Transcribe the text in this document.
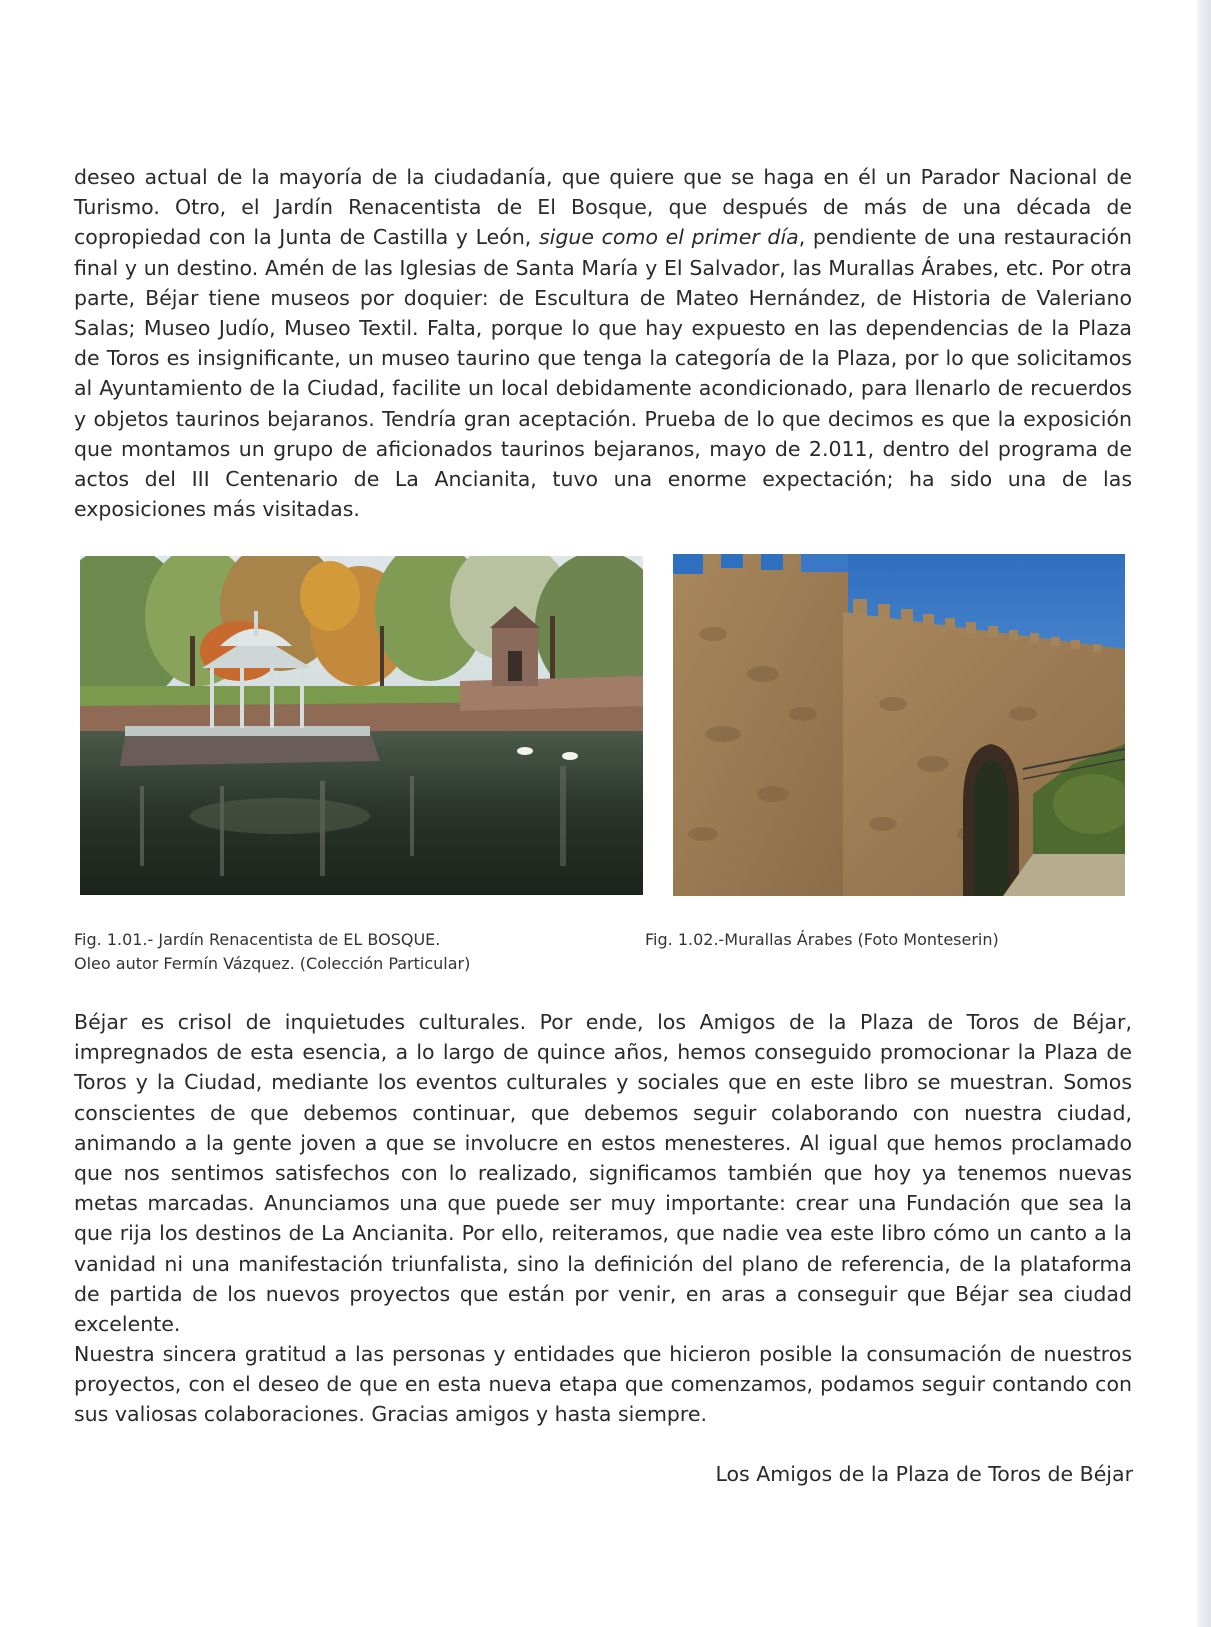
deseo actual de la mayoría de la ciudadanía, que quiere que se haga en él un Parador Nacional de Turismo. Otro, el Jardín Renacentista de El Bosque, que después de más de una década de copropiedad con la Junta de Castilla y León, sigue como el primer día, pendiente de una restauración final y un destino. Amén de las Iglesias de Santa María y El Salvador, las Murallas Árabes, etc. Por otra parte, Béjar tiene museos por doquier: de Escultura de Mateo Hernández, de Historia de Valeriano Salas; Museo Judío, Museo Textil. Falta, porque lo que hay expuesto en las dependencias de la Plaza de Toros es insignificante, un museo taurino que tenga la categoría de la Plaza, por lo que solicitamos al Ayuntamiento de la Ciudad, facilite un local debidamente acondicionado, para llenarlo de recuerdos y objetos taurinos bejaranos. Tendría gran aceptación. Prueba de lo que decimos es que la exposición que montamos un grupo de aficionados taurinos bejaranos, mayo de 2.011, dentro del programa de actos del III Centenario de La Ancianita, tuvo una enorme expectación; ha sido una de las exposiciones más visitadas.

Fig. 1.01.- Jardín Renacentista de EL BOSQUE.
Oleo autor Fermín Vázquez. (Colección Particular)

Fig. 1.02.-Murallas Árabes (Foto Monteserin)

Béjar es crisol de inquietudes culturales. Por ende, los Amigos de la Plaza de Toros de Béjar, impregnados de esta esencia, a lo largo de quince años, hemos conseguido promocionar la Plaza de Toros y la Ciudad, mediante los eventos culturales y sociales que en este libro se muestran. Somos conscientes de que debemos continuar, que debemos seguir colaborando con nuestra ciudad, animando a la gente joven a que se involucre en estos menesteres. Al igual que hemos proclamado que nos sentimos satisfechos con lo realizado, significamos también que hoy ya tenemos nuevas metas marcadas. Anunciamos una que puede ser muy importante: crear una Fundación que sea la que rija los destinos de La Ancianita. Por ello, reiteramos, que nadie vea este libro cómo un canto a la vanidad ni una manifestación triunfalista, sino la definición del plano de referencia, de la plataforma de partida de los nuevos proyectos que están por venir, en aras a conseguir que Béjar sea ciudad excelente.

Nuestra sincera gratitud a las personas y entidades que hicieron posible la consumación de nuestros proyectos, con el deseo de que en esta nueva etapa que comenzamos, podamos seguir contando con sus valiosas colaboraciones. Gracias amigos y hasta siempre.

Los Amigos de la Plaza de Toros de Béjar
